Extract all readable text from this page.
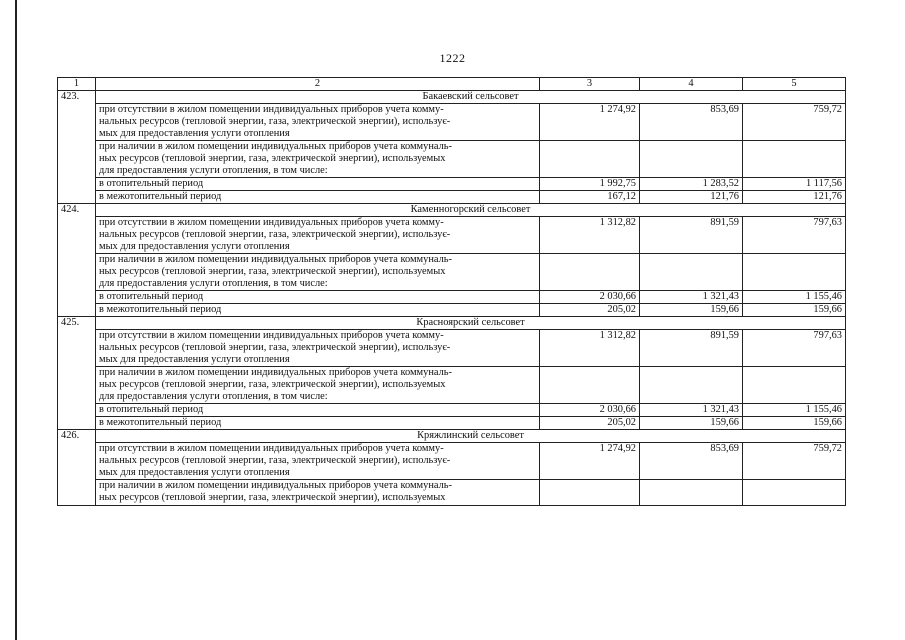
1222
1	2	3	4	5
423.	Бакаевский сельсовет			

	при отсутствии в жилом помещении индивидуальных приборов учета комму-
нальных ресурсов (тепловой энергии, газа, электрической энергии), использує-
мых для предоставления услуги отопления	1 274,92	853,69	759,72

	при наличии в жилом помещении индивидуальных приборов учета коммуналь-
ных ресурсов (тепловой энергии, газа, электрической энергии), используемых
для предоставления услуги отопления, в том числе:			

	в отопительный период	1 992,75	1 283,52	1 117,56

	в межотопительный период	167,12	121,76	121,76
424.	Каменногорский сельсовет			

	при отсутствии в жилом помещении индивидуальных приборов учета комму-
нальных ресурсов (тепловой энергии, газа, электрической энергии), использує-
мых для предоставления услуги отопления	1 312,82	891,59	797,63

	при наличии в жилом помещении индивидуальных приборов учета коммуналь-
ных ресурсов (тепловой энергии, газа, электрической энергии), используемых
для предоставления услуги отопления, в том числе:			

	в отопительный период	2 030,66	1 321,43	1 155,46

	в межотопительный период	205,02	159,66	159,66
425.	Красноярский сельсовет			

	при отсутствии в жилом помещении индивидуальных приборов учета комму-
нальных ресурсов (тепловой энергии, газа, электрической энергии), использує-
мых для предоставления услуги отопления	1 312,82	891,59	797,63

	при наличии в жилом помещении индивидуальных приборов учета коммуналь-
ных ресурсов (тепловой энергии, газа, электрической энергии), используемых
для предоставления услуги отопления, в том числе:			

	в отопительный период	2 030,66	1 321,43	1 155,46

	в межотопительный период	205,02	159,66	159,66
426.	Кряжлинский сельсовет			

	при отсутствии в жилом помещении индивидуальных приборов учета комму-
нальных ресурсов (тепловой энергии, газа, электрической энергии), использує-
мых для предоставления услуги отопления	1 274,92	853,69	759,72

	при наличии в жилом помещении индивидуальных приборов учета коммуналь-
ных ресурсов (тепловой энергии, газа, электрической энергии), используемых			
